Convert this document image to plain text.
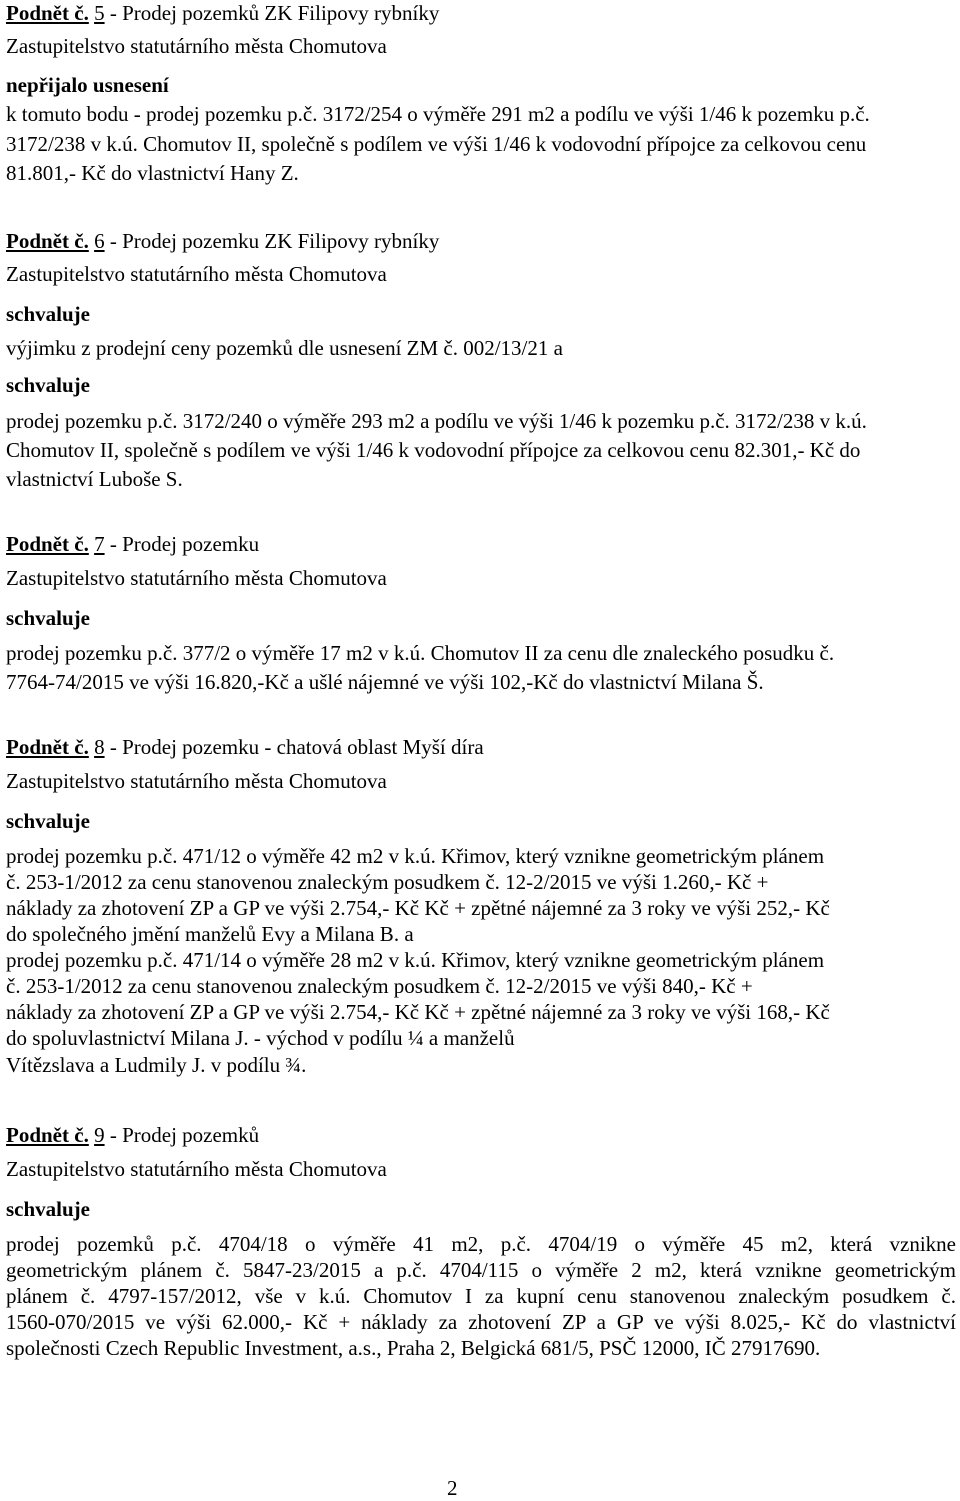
Podnět č. 5 - Prodej pozemků ZK Filipovy rybníky
Zastupitelstvo statutárního města Chomutova
nepřijalo usnesení
k tomuto bodu - prodej pozemku p.č. 3172/254 o výměře 291 m2 a podílu ve výši 1/46 k pozemku p.č.
3172/238 v k.ú. Chomutov II, společně s podílem ve výši 1/46 k vodovodní přípojce za celkovou cenu
81.801,- Kč do vlastnictví Hany Z.
Podnět č. 6 - Prodej pozemku ZK Filipovy rybníky
Zastupitelstvo statutárního města Chomutova
schvaluje
výjimku z prodejní ceny pozemků dle usnesení ZM č. 002/13/21 a
schvaluje
prodej pozemku p.č. 3172/240 o výměře 293 m2 a podílu ve výši 1/46 k pozemku p.č. 3172/238 v k.ú.
Chomutov II, společně s podílem ve výši 1/46 k vodovodní přípojce za celkovou cenu 82.301,- Kč do
vlastnictví Luboše S.
Podnět č. 7 - Prodej pozemku
Zastupitelstvo statutárního města Chomutova
schvaluje
prodej pozemku p.č. 377/2 o výměře 17 m2 v k.ú. Chomutov II za cenu dle znaleckého posudku č.
7764-74/2015 ve výši 16.820,-Kč a ušlé nájemné ve výši 102,-Kč do vlastnictví Milana Š.
Podnět č. 8 - Prodej pozemku - chatová oblast Myší díra
Zastupitelstvo statutárního města Chomutova
schvaluje
prodej pozemku p.č. 471/12 o výměře 42 m2 v k.ú. Křimov, který vznikne geometrickým plánem
č. 253-1/2012 za cenu stanovenou znaleckým posudkem č. 12-2/2015 ve výši 1.260,- Kč +
náklady za zhotovení ZP a GP ve výši 2.754,- Kč Kč + zpětné nájemné za 3 roky ve výši 252,- Kč
do společného jmění manželů Evy a Milana B. a
prodej pozemku p.č. 471/14 o výměře 28 m2 v k.ú. Křimov, který vznikne geometrickým plánem
č. 253-1/2012 za cenu stanovenou znaleckým posudkem č. 12-2/2015 ve výši 840,- Kč +
náklady za zhotovení ZP a GP ve výši 2.754,- Kč Kč + zpětné nájemné za 3 roky ve výši 168,- Kč
do spoluvlastnictví Milana J. - východ v podílu ¼ a manželů
Vítězslava a Ludmily J. v podílu ¾.
Podnět č. 9 - Prodej pozemků
Zastupitelstvo statutárního města Chomutova
schvaluje
prodej pozemků p.č. 4704/18 o výměře 41 m2, p.č. 4704/19 o výměře 45 m2, která vznikne
geometrickým plánem č. 5847-23/2015 a p.č. 4704/115 o výměře 2 m2, která vznikne geometrickým
plánem č. 4797-157/2012, vše v k.ú. Chomutov I za kupní cenu stanovenou znaleckým posudkem č.
1560-070/2015 ve výši 62.000,- Kč + náklady za zhotovení ZP a GP ve výši 8.025,- Kč do vlastnictví
společnosti Czech Republic Investment, a.s., Praha 2, Belgická 681/5, PSČ 12000, IČ 27917690.
2
